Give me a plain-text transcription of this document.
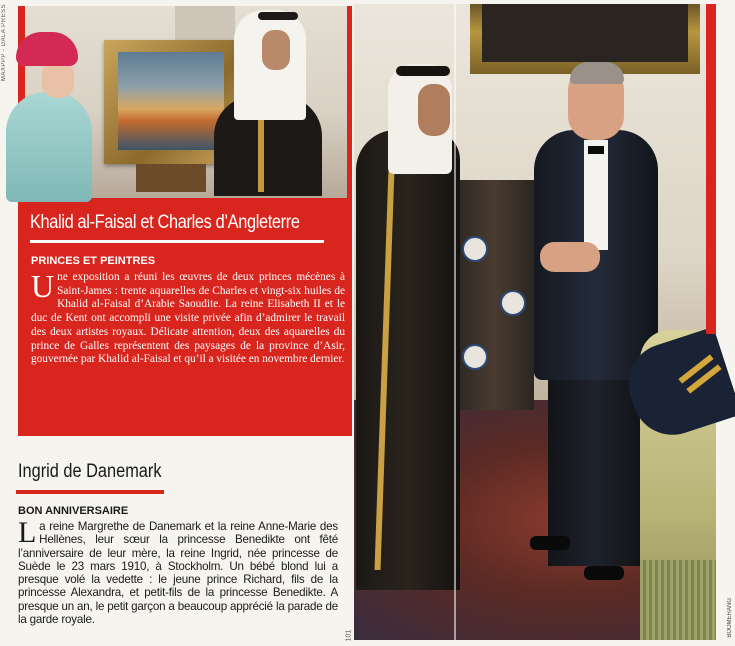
MAXPPP - DALA PRESS
Khalid al-Faisal et Charles d’Angleterre
PRINCES ET PEINTRES
Une exposition a réuni les œuvres de deux princes mécènes à Saint-James : trente aquarelles de Charles et vingt-six huiles de Khalid al-Faisal d’Arabie Saoudite. La reine Elisabeth II et le duc de Kent ont accompli une visite privée afin d’admirer le travail des deux artistes royaux. Délicate attention, deux des aquarelles du prince de Galles représentent des paysages de la province d’Asir, gouvernée par Khalid al-Faisal et qu’il a visitée en novembre dernier.
Ingrid de Danemark
BON ANNIVERSAIRE
La reine Margrethe de Danemark et la reine Anne-Marie des Hellènes, leur sœur la princesse Benedikte ont fêté l’anniversaire de leur mère, la reine Ingrid, née princesse de Suède le 23 mars 1910, à Stockholm. Un bébé blond lui a presque volé la vedette : le jeune prince Richard, fils de la princesse Alexandra, et petit-fils de la princesse Benedikte. A presque un an, le petit garçon a beaucoup apprécié la parade de la garde royale.
101	BOOMERANG
